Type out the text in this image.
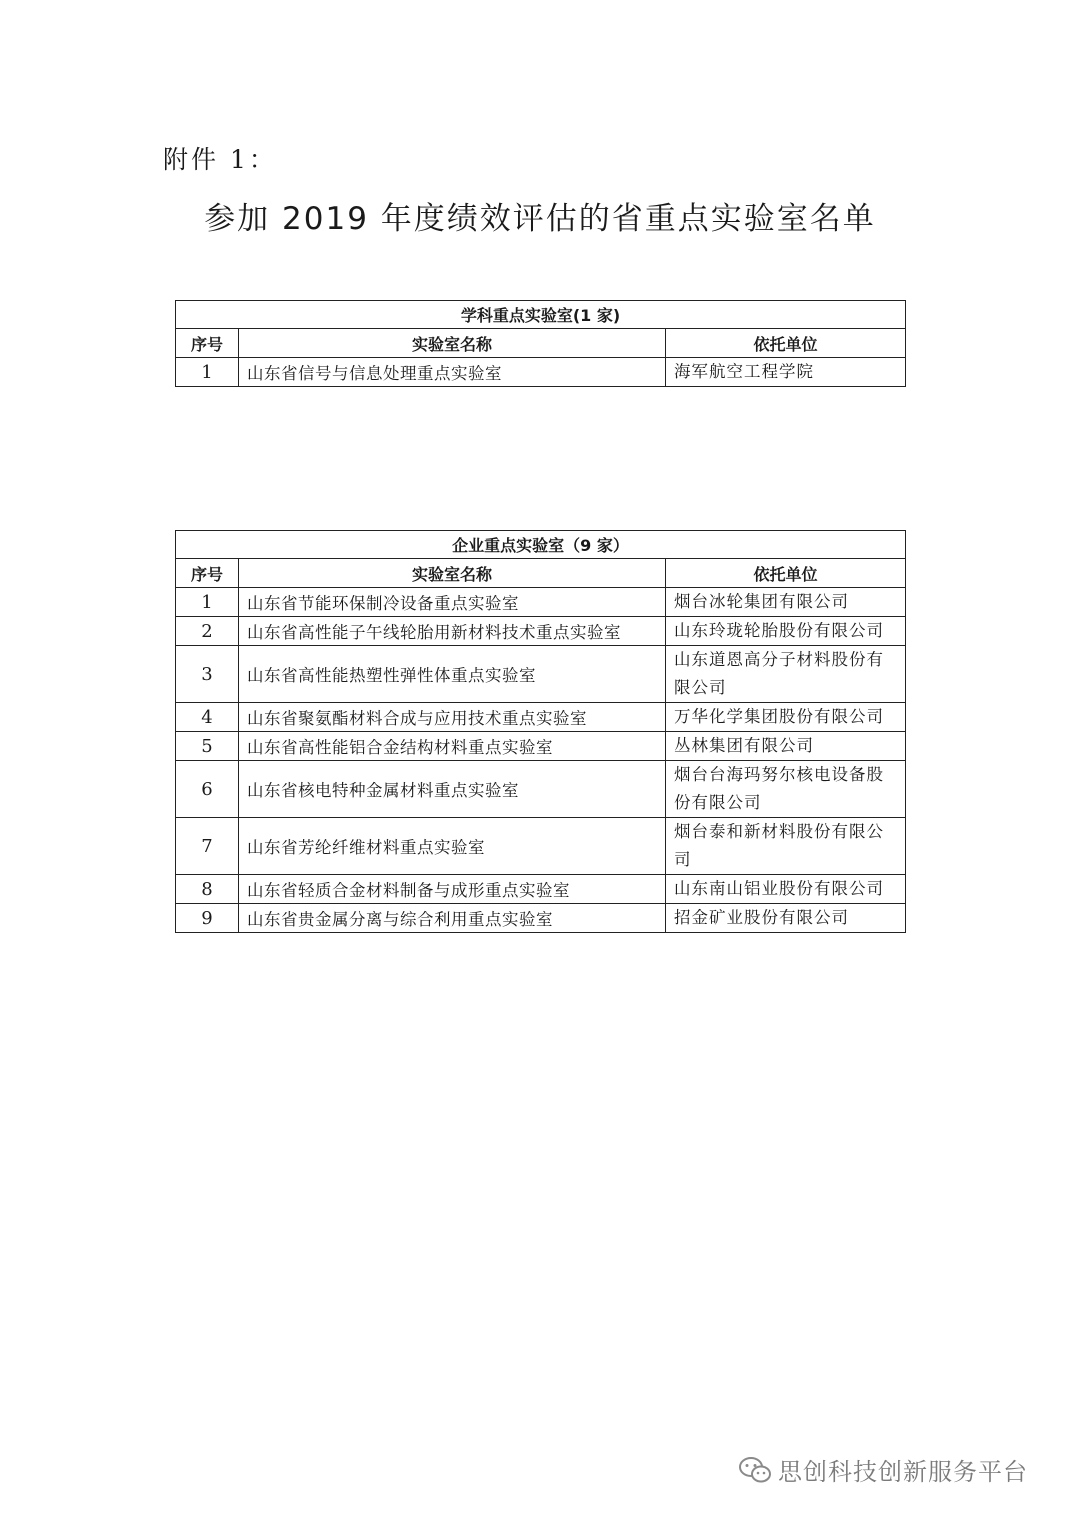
附件 1：
参加 2019 年度绩效评估的省重点实验室名单
学科重点实验室(1 家)		
序号	实验室名称	依托单位
1	山东省信号与信息处理重点实验室	海军航空工程学院
企业重点实验室（9 家）		
序号	实验室名称	依托单位
1	山东省节能环保制冷设备重点实验室	烟台冰轮集团有限公司
2	山东省高性能子午线轮胎用新材料技术重点实验室	山东玲珑轮胎股份有限公司
3	山东省高性能热塑性弹性体重点实验室	山东道恩高分子材料股份有限公司
4	山东省聚氨酯材料合成与应用技术重点实验室	万华化学集团股份有限公司
5	山东省高性能铝合金结构材料重点实验室	丛林集团有限公司
6	山东省核电特种金属材料重点实验室	烟台台海玛努尔核电设备股份有限公司
7	山东省芳纶纤维材料重点实验室	烟台泰和新材料股份有限公司
8	山东省轻质合金材料制备与成形重点实验室	山东南山铝业股份有限公司
9	山东省贵金属分离与综合利用重点实验室	招金矿业股份有限公司
思创科技创新服务平台
